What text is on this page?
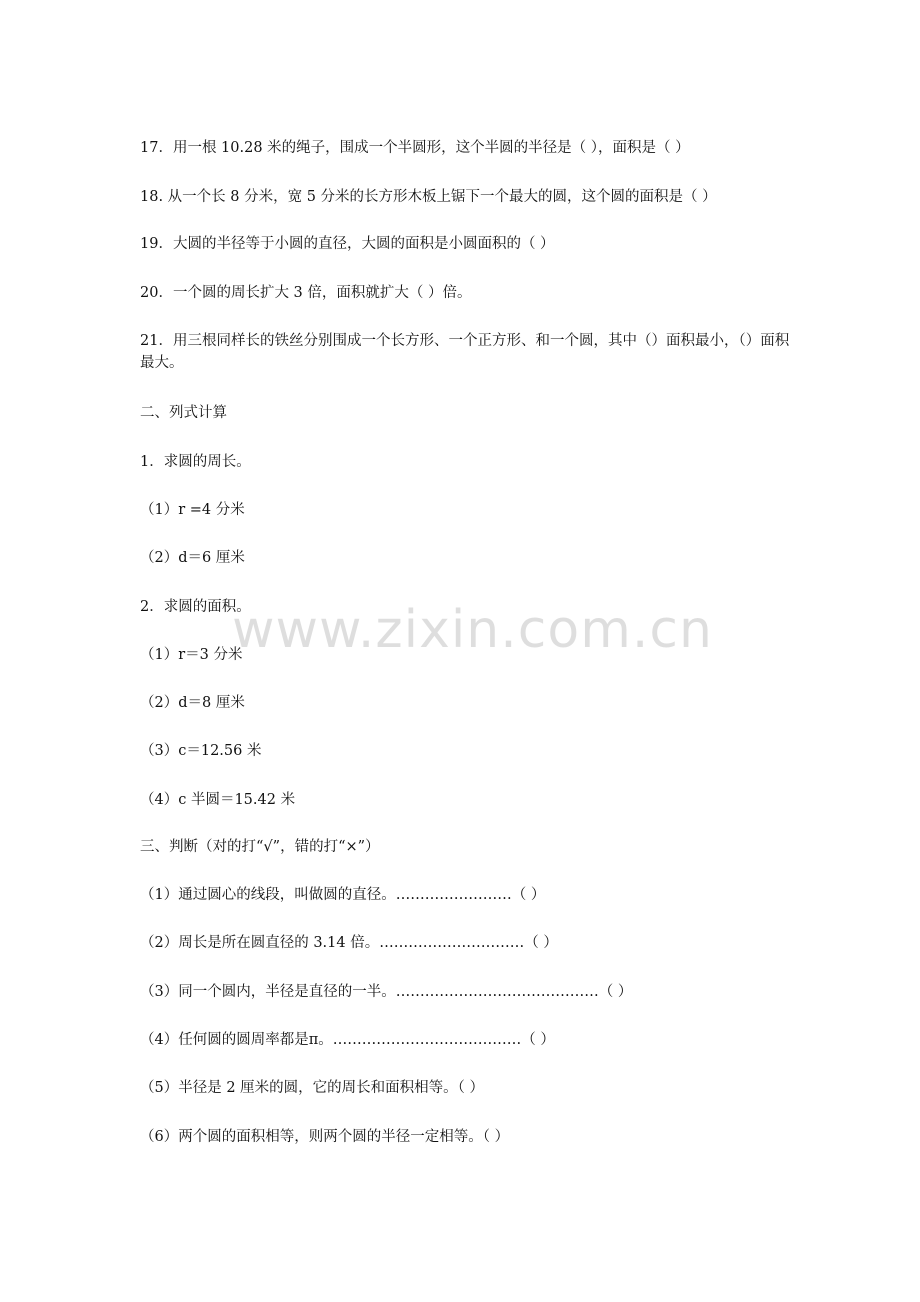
www.zixin.com.cn
17．用一根 10.28 米的绳子，围成一个半圆形，这个半圆的半径是（ ），面积是（ ）
18. 从一个长 8 分米，宽 5 分米的长方形木板上锯下一个最大的圆，这个圆的面积是（ ）
19．大圆的半径等于小圆的直径，大圆的面积是小圆面积的（ ）
20．一个圆的周长扩大 3 倍，面积就扩大（ ）倍。
21．用三根同样长的铁丝分别围成一个长方形、一个正方形、和一个圆，其中（）面积最小，（）面积最大。
二、列式计算
1．求圆的周长。
（1）r =4 分米
（2）d＝6 厘米
2．求圆的面积。
（1）r＝3 分米
（2）d＝8 厘米
（3）c＝12.56 米
（4）c 半圆＝15.42 米
三、判断（对的打“√”，错的打“×”）
（1）通过圆心的线段，叫做圆的直径。……………………（ ）
（2）周长是所在圆直径的 3.14 倍。…………………………（ ）
（3）同一个圆内，半径是直径的一半。……………………………………（ ）
（4）任何圆的圆周率都是π。…………………………………（ ）
（5）半径是 2 厘米的圆，它的周长和面积相等。（ ）
（6）两个圆的面积相等，则两个圆的半径一定相等。（ ）
